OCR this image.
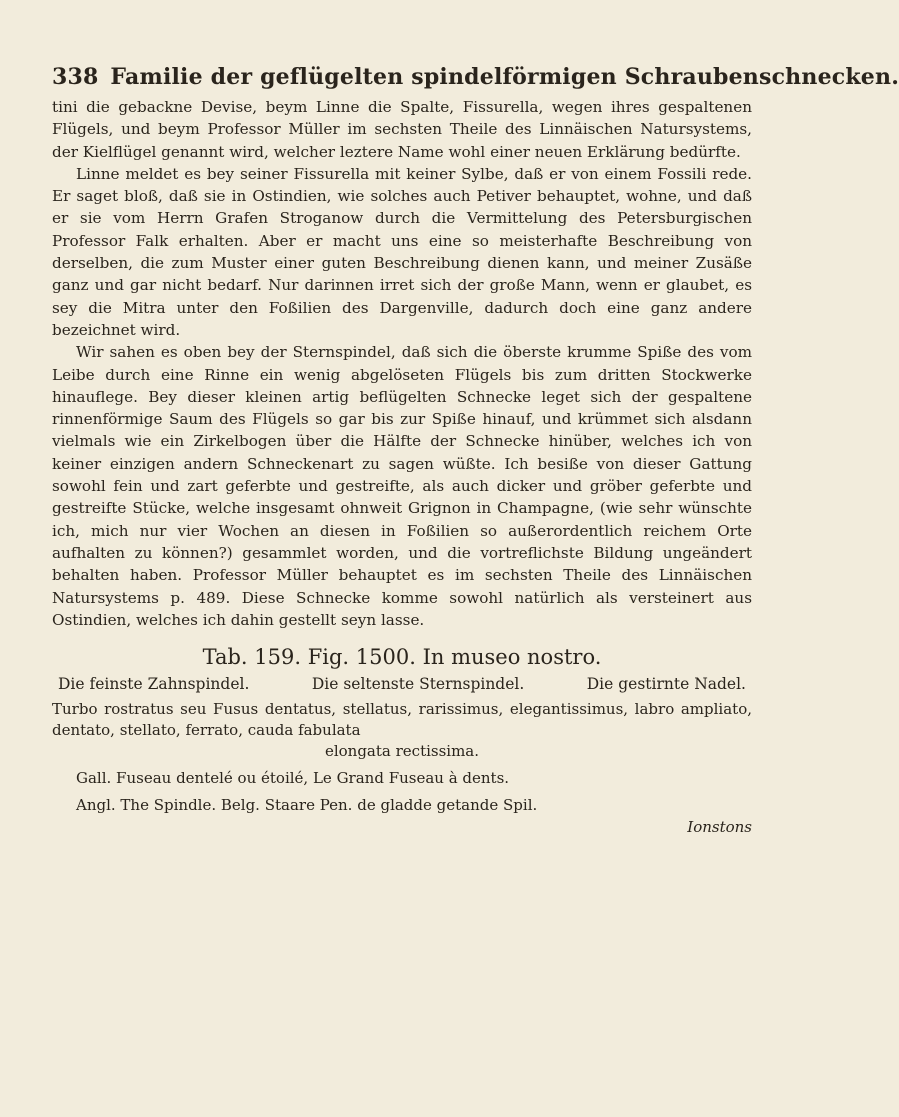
338 Familie der geflügelten spindelförmigen Schraubenschnecken.

tini die gebackne Devise, beym Linne die Spalte, Fissurella, wegen ihres gespaltenen Flügels, und beym Professor Müller im sechsten Theile des Linnäischen Natursystems, der Kielflügel genannt wird, welcher leztere Name wohl einer neuen Erklärung bedürfte.

Linne meldet es bey seiner Fissurella mit keiner Sylbe, daß er von einem Fossili rede. Er saget bloß, daß sie in Ostindien, wie solches auch Petiver behauptet, wohne, und daß er sie vom Herrn Grafen Stroganow durch die Vermittelung des Petersburgischen Professor Falk erhalten. Aber er macht uns eine so meisterhafte Beschreibung von derselben, die zum Muster einer guten Beschreibung dienen kann, und meiner Zusäße ganz und gar nicht bedarf. Nur darinnen irret sich der große Mann, wenn er glaubet, es sey die Mitra unter den Foßilien des Dargenville, dadurch doch eine ganz andere bezeichnet wird.

Wir sahen es oben bey der Sternspindel, daß sich die öberste krumme Spiße des vom Leibe durch eine Rinne ein wenig abgelöseten Flügels bis zum dritten Stockwerke hinauflege. Bey dieser kleinen artig beflügelten Schnecke leget sich der gespaltene rinnenförmige Saum des Flügels so gar bis zur Spiße hinauf, und krümmet sich alsdann vielmals wie ein Zirkelbogen über die Hälfte der Schnecke hinüber, welches ich von keiner einzigen andern Schneckenart zu sagen wüßte. Ich besiße von dieser Gattung sowohl fein und zart geferbte und gestreifte, als auch dicker und gröber geferbte und gestreifte Stücke, welche insgesamt ohnweit Grignon in Champagne, (wie sehr wünschte ich, mich nur vier Wochen an diesen in Foßilien so außerordentlich reichem Orte aufhalten zu können?) gesammlet worden, und die vortreflichste Bildung ungeändert behalten haben. Professor Müller behauptet es im sechsten Theile des Linnäischen Natursystems p. 489. Diese Schnecke komme sowohl natürlich als versteinert aus Ostindien, welches ich dahin gestellt seyn lasse.

Tab. 159. Fig. 1500. In museo nostro.
Die feinste Zahnspindel.	Die seltenste Sternspindel.	Die gestirnte Nadel.

Turbo rostratus seu Fusus dentatus, stellatus, rarissimus, elegantissimus, labro ampliato, dentato, stellato, ferrato, cauda fabulata
elongata rectissima.

Gall. Fuseau dentelé ou étoilé, Le Grand Fuseau à dents.

Angl. The Spindle. Belg. Staare Pen. de gladde getande Spil.

Ionstons
